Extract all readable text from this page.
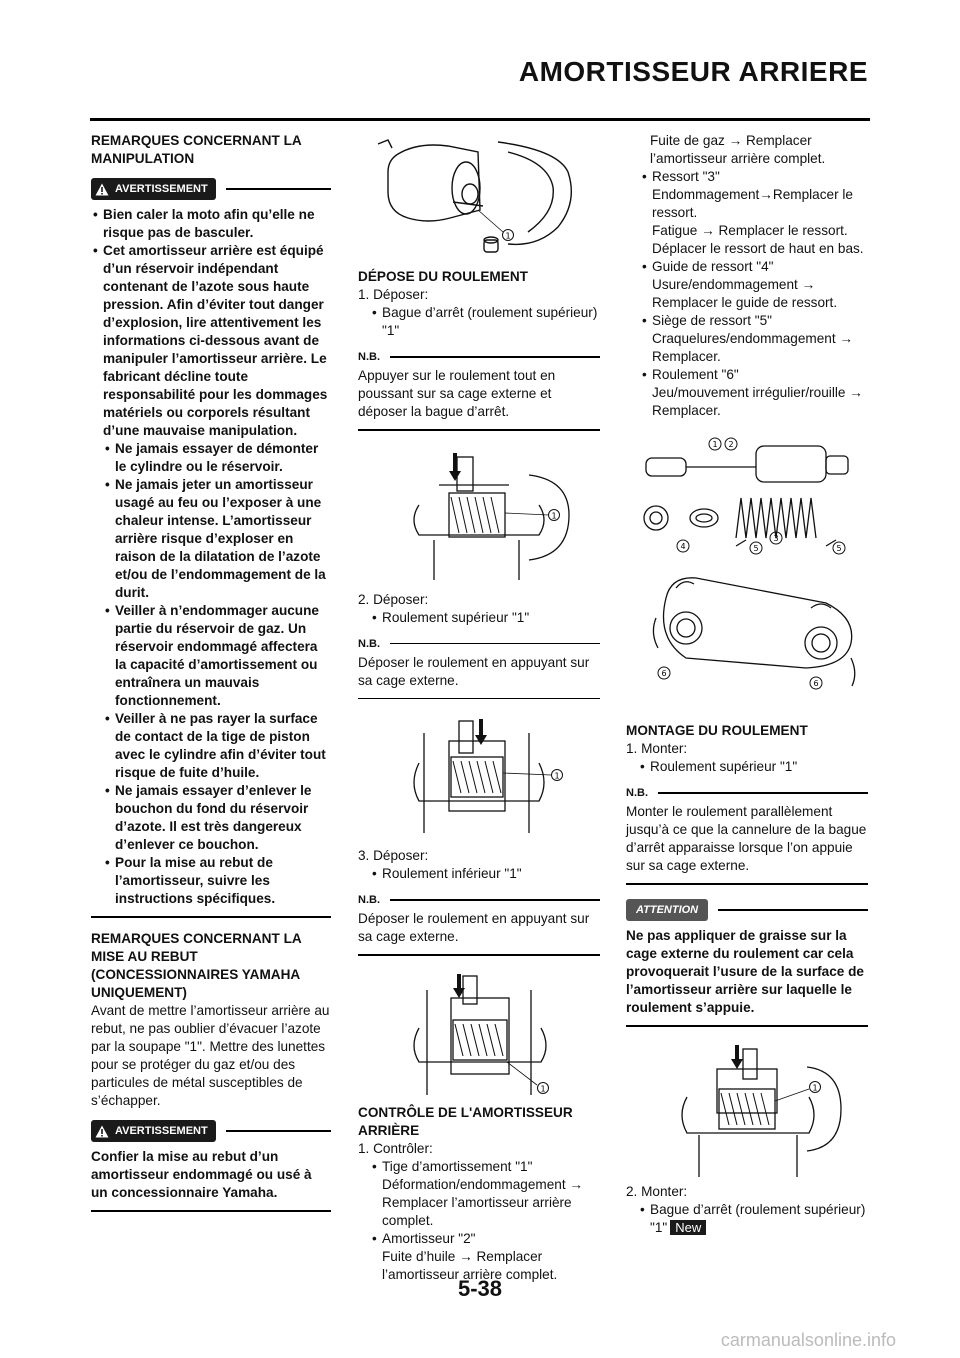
AMORTISSEUR ARRIERE

REMARQUES CONCERNANT LA MANIPULATION

AVERTISSEMENT
• Bien caler la moto afin qu’elle ne risque pas de basculer.
• Cet amortisseur arrière est équipé d’un réservoir indépendant contenant de l’azote sous haute pression. Afin d’éviter tout danger d’explosion, lire attentivement les informations ci-dessous avant de manipuler l’amortisseur arrière. Le fabricant décline toute responsabilité pour les dommages matériels ou corporels résultant d’une mauvaise manipulation.
• Ne jamais essayer de démonter le cylindre ou le réservoir.
• Ne jamais jeter un amortisseur usagé au feu ou l’exposer à une chaleur intense. L’amortisseur arrière risque d’exploser en raison de la dilatation de l’azote et/ou de l’endommagement de la durit.
• Veiller à n’endommager aucune partie du réservoir de gaz. Un réservoir endommagé affectera la capacité d’amortissement ou entraînera un mauvais fonctionnement.
• Veiller à ne pas rayer la surface de contact de la tige de piston avec le cylindre afin d’éviter tout risque de fuite d’huile.
• Ne jamais essayer d’enlever le bouchon du fond du réservoir d’azote. Il est très dangereux d’enlever ce bouchon.
• Pour la mise au rebut de l’amortisseur, suivre les instructions spécifiques.

REMARQUES CONCERNANT LA MISE AU REBUT (CONCESSIONNAIRES YAMAHA UNIQUEMENT)

Avant de mettre l’amortisseur arrière au rebut, ne pas oublier d’évacuer l’azote par la soupape "1". Mettre des lunettes pour se protéger du gaz et/ou des particules de métal susceptibles de s’échapper.

AVERTISSEMENT

Confier la mise au rebut d’un amortisseur endommagé ou usé à un concessionnaire Yamaha.

1

DÉPOSE DU ROULEMENT

1. Déposer:

• Bague d’arrêt (roulement supérieur) "1"
N.B.

Appuyer sur le roulement tout en poussant sur sa cage externe et déposer la bague d’arrêt.

1

2. Déposer:

• Roulement supérieur "1"
N.B.

Déposer le roulement en appuyant sur sa cage externe.

1

3. Déposer:

• Roulement inférieur "1"
N.B.

Déposer le roulement en appuyant sur sa cage externe.

1

CONTRÔLE DE L'AMORTISSEUR ARRIÈRE

1. Contrôler:

• Tige d’amortissement "1"
Déformation/endommagement → Remplacer l’amortisseur arrière complet.
• Amortisseur "2"
Fuite d’huile → Remplacer l’amortisseur arrière complet.

Fuite de gaz → Remplacer l’amortisseur arrière complet.

• Ressort "3"
Endommagement→Remplacer le ressort.
Fatigue → Remplacer le ressort. Déplacer le ressort de haut en bas.
• Guide de ressort "4"
Usure/endommagement → Remplacer le guide de ressort.
• Siège de ressort "5"
Craquelures/endommagement → Remplacer.
• Roulement "6"
Jeu/mouvement irrégulier/rouille → Remplacer.
1 2
3
4	5	5
6
6

MONTAGE DU ROULEMENT

1. Monter:

• Roulement supérieur "1"
N.B.

Monter le roulement parallèlement jusqu’à ce que la cannelure de la bague d’arrêt apparaisse lorsque l’on appuie sur sa cage externe.

ATTENTION

Ne pas appliquer de graisse sur la cage externe du roulement car cela provoquerait l’usure de la surface de l’amortisseur arrière sur laquelle le roulement s’appuie.

1

2. Monter:

• Bague d’arrêt (roulement supérieur) "1" New
5-38
carmanualsonline.info
